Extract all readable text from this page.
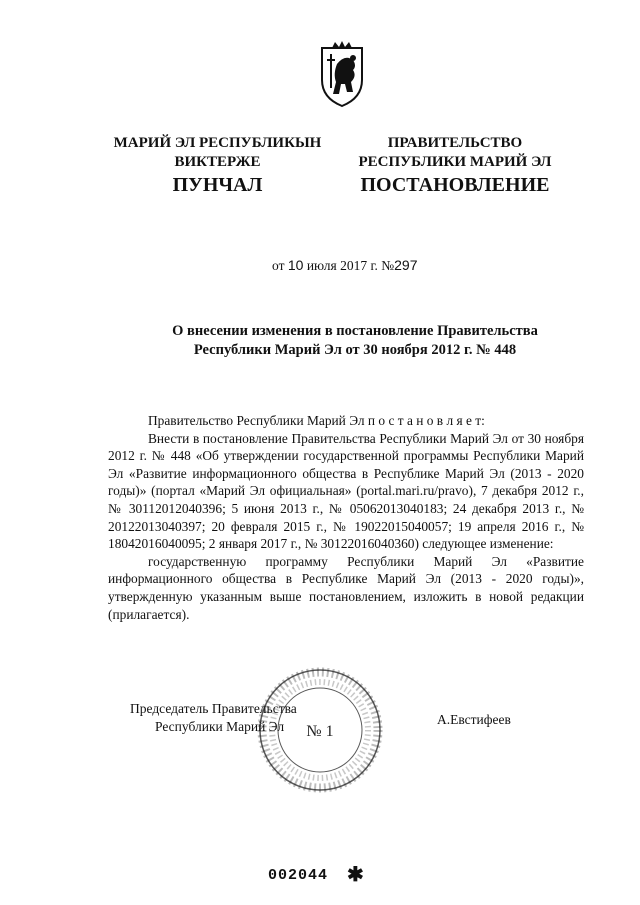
МАРИЙ ЭЛ РЕСПУБЛИКЫН
ВИКТЕРЖЕ
ПРАВИТЕЛЬСТВО
РЕСПУБЛИКИ МАРИЙ ЭЛ
ПУНЧАЛ	ПОСТАНОВЛЕНИЕ
от 10 июля 2017 г. №297
О внесении изменения в постановление Правительства
Республики Марий Эл от 30 ноября 2012 г. № 448

Правительство Республики Марий Эл п о с т а н о в л я е т:

Внести в постановление Правительства Республики Марий Эл от 30 ноября 2012 г. № 448 «Об утверждении государственной программы Республики Марий Эл «Развитие информационного общества в Республике Марий Эл (2013 - 2020 годы)» (портал «Марий Эл официальная» (portal.mari.ru/pravo), 7 декабря 2012 г., № 30112012040396; 5 июня 2013 г., № 05062013040183; 24 декабря 2013 г., № 20122013040397; 20 февраля 2015 г., № 19022015040057; 19 апреля 2016 г., № 18042016040095; 2 января 2017 г., № 30122016040360) следующее изменение:

государственную программу Республики Марий Эл «Развитие информационного общества в Республике Марий Эл (2013 - 2020 годы)», утвержденную указанным выше постановлением, изложить в новой редакции (прилагается).

№ 1
Председатель Правительства
Республики Марий Эл	А.Евстифеев
002044 ✱
